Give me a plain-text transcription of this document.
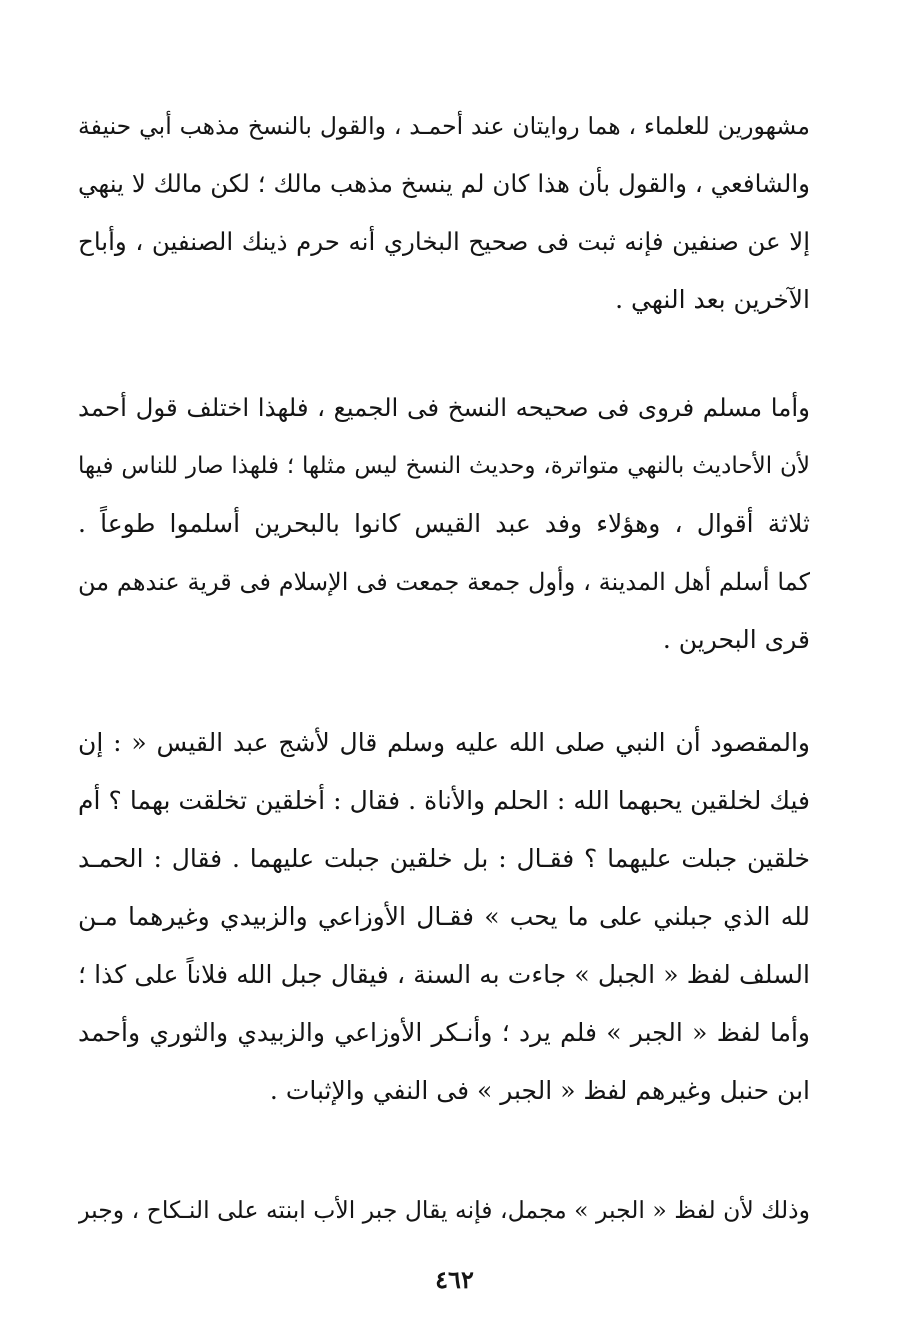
مشهورين للعلماء ، هما روايتان عند أحمـد ، والقول بالنسخ مذهب أبي حنيفة
والشافعي ، والقول بأن هذا كان لم ينسخ مذهب مالك ؛ لكن مالك لا ينهي
إلا عن صنفين فإنه ثبت فى صحيح البخاري أنه حرم ذينك الصنفين ، وأباح
الآخرين بعد النهي .
وأما مسلم فروى فى صحيحه النسخ فى الجميع ، فلهذا اختلف قول أحمد
لأن الأحاديث بالنهي متواترة، وحديث النسخ ليس مثلها ؛ فلهذا صار للناس فيها
ثلاثة أقوال ، وهؤلاء وفد عبد القيس كانوا بالبحرين أسلموا طوعاً .
كما أسلم أهل المدينة ، وأول جمعة جمعت فى الإسلام فى قرية عندهم من
قرى البحرين .
والمقصود أن النبي صلى الله عليه وسلم قال لأشج عبد القيس « : إن
فيك لخلقين يحبهما الله : الحلم والأناة . فقال : أخلقين تخلقت بهما ؟ أم
خلقين جبلت عليهما ؟ فقـال : بل خلقين جبلت عليهما . فقال : الحمـد
لله الذي جبلني على ما يحب » فقـال الأوزاعي والزبيدي وغيرهما مـن
السلف لفظ « الجبل » جاءت به السنة ، فيقال جبل الله فلاناً على كذا ؛
وأما لفظ « الجبر » فلم يرد ؛ وأنـكر الأوزاعي والزبيدي والثوري وأحمد
ابن حنبل وغيرهم لفظ « الجبر » فى النفي والإثبات .
وذلك لأن لفظ « الجبر » مجمل، فإنه يقال جبر الأب ابنته على النـكاح ، وجبر
٤٦٢
